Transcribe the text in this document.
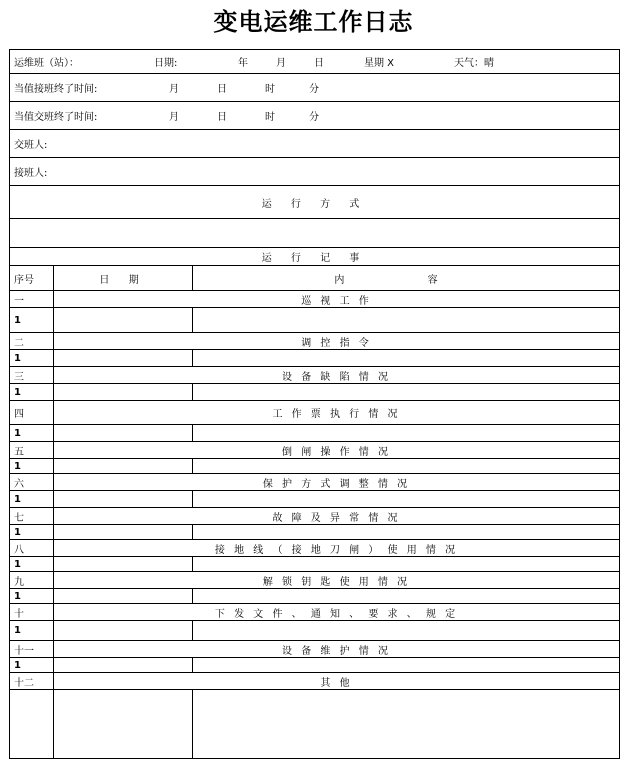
变电运维工作日志
运维班（站）： 日期: 年 月 日 星期 X 天气：晴		
当值接班终了时间: 月 日 时 分		
当值交班终了时间: 月 日 时 分		
交班人:		
接班人:		
运 行 方 式		

运 行 记 事		
序号	日 期	内 容
一	巡 视 工 作	
1		
二	调 控 指 令	
1		
三	设 备 缺 陷 情 况	
1		
四	工 作 票 执 行 情 况	
1		
五	倒 闸 操 作 情 况	
1		
六	保 护 方 式 调 整 情 况	
1		
七	故 障 及 异 常 情 况	
1		
八	接 地 线 （ 接 地 刀 闸 ） 使 用 情 况	
1		
九	解 锁 钥 匙 使 用 情 况	
1		
十	下 发 文 件 、 通 知 、 要 求 、 规 定	
1		
十一	设 备 维 护 情 况	
1		
十二	其 他	
